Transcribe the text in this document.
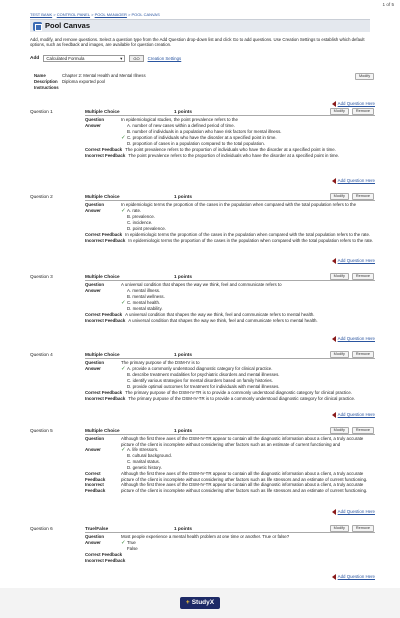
1 of 5
TEST BANK > CONTROL PANEL > POOL MANAGER > POOL CANVAS
Pool Canvas
Add, modify, and remove questions. Select a question type from the Add Question drop-down list and click Go to add questions. Use Creation Settings to establish which default options, such as feedback and images, are available for question creation.
Add Calculated Formula	▾	GO	Creation Settings
Name	Chapter 2: Mental Health and Mental Illness
Description	Diploma exported pool
Instructions
Modify
Add Question Here
Question 1	Multiple Choice	1 points	Modify	Remove
Question	In epidemiological studies, the point prevalence refers to the
Answer	A. number of new cases within a defined period of time.
B. number of individuals in a population who have risk factors for mental illness.
✓ C. proportion of individuals who have the disorder at a specified point in time.
D. proportion of cases in a population compared to the total population.
Correct Feedback The point prevalence refers to the proportion of individuals who have the disorder at a specified point in time.
Incorrect Feedback The point prevalence refers to the proportion of individuals who have the disorder at a specified point in time.
Add Question Here
Question 2	Multiple Choice	1 points	Modify	Remove
Question	In epidemiologic terms the proportion of the cases in the population when compared with the total population refers to the
Answer	✓ A. rate.
B. prevalence.
C. incidence.
D. point prevalence.
Correct Feedback In epidemiologic terms the proportion of the cases in the population when compared with the total population refers to the rate.
Incorrect Feedback In epidemiologic terms the proportion of the cases in the population when compared with the total population refers to the rate.
Add Question Here
Question 3	Multiple Choice	1 points	Modify	Remove
Question	A universal condition that shapes the way we think, feel and communicate refers to
Answer	A. mental illness.
B. mental wellness.
✓ C. mental health.
D. mental stability.
Correct Feedback A universal condition that shapes the way we think, feel and communicate refers to mental health.
Incorrect Feedback A universal condition that shapes the way we think, feel and communicate refers to mental health.
Add Question Here
Question 4	Multiple Choice	1 points	Modify	Remove
Question	The primary purpose of the DSM-IV is to
Answer	✓ A. provide a commonly understood diagnostic category for clinical practice.
B. describe treatment modalities for psychiatric disorders and mental illnesses.
C. identify various strategies for mental disorders based on family histories.
D. provide optimal outcomes for treatment for individuals with mental illnesses.
Correct Feedback The primary purpose of the DSM-IV-TR is to provide a commonly understood diagnostic category for clinical practice.
Incorrect Feedback The primary purpose of the DSM-IV-TR is to provide a commonly understood diagnostic category for clinical practice.
Add Question Here
Question 5	Multiple Choice	1 points	Modify	Remove
Question	Although the first three axes of the DSM-IV-TR appear to contain all the diagnostic information about a client, a truly accurate picture of the client is incomplete without considering other factors such as an estimate of current functioning and
Answer	✓ A. life stressors.
B. cultural background.
C. marital status.
D. genetic history.
Correct
Feedback
Although the first three axes of the DSM-IV-TR appear to contain all the diagnostic information about a client, a truly accurate picture of the client is incomplete without considering other factors such as life stressors and an estimate of current functioning.
Incorrect
Feedback
Although the first three axes of the DSM-IV-TR appear to contain all the diagnostic information about a client, a truly accurate picture of the client is incomplete without considering other factors such as life stressors and an estimate of current functioning.
Add Question Here
Question 6	True/False	1 points	Modify	Remove
Question	Most people experience a mental health problem at one time or another. True or false?
Answer	✓ True
False
Correct Feedback
Incorrect Feedback
Add Question Here
+ StudyX
